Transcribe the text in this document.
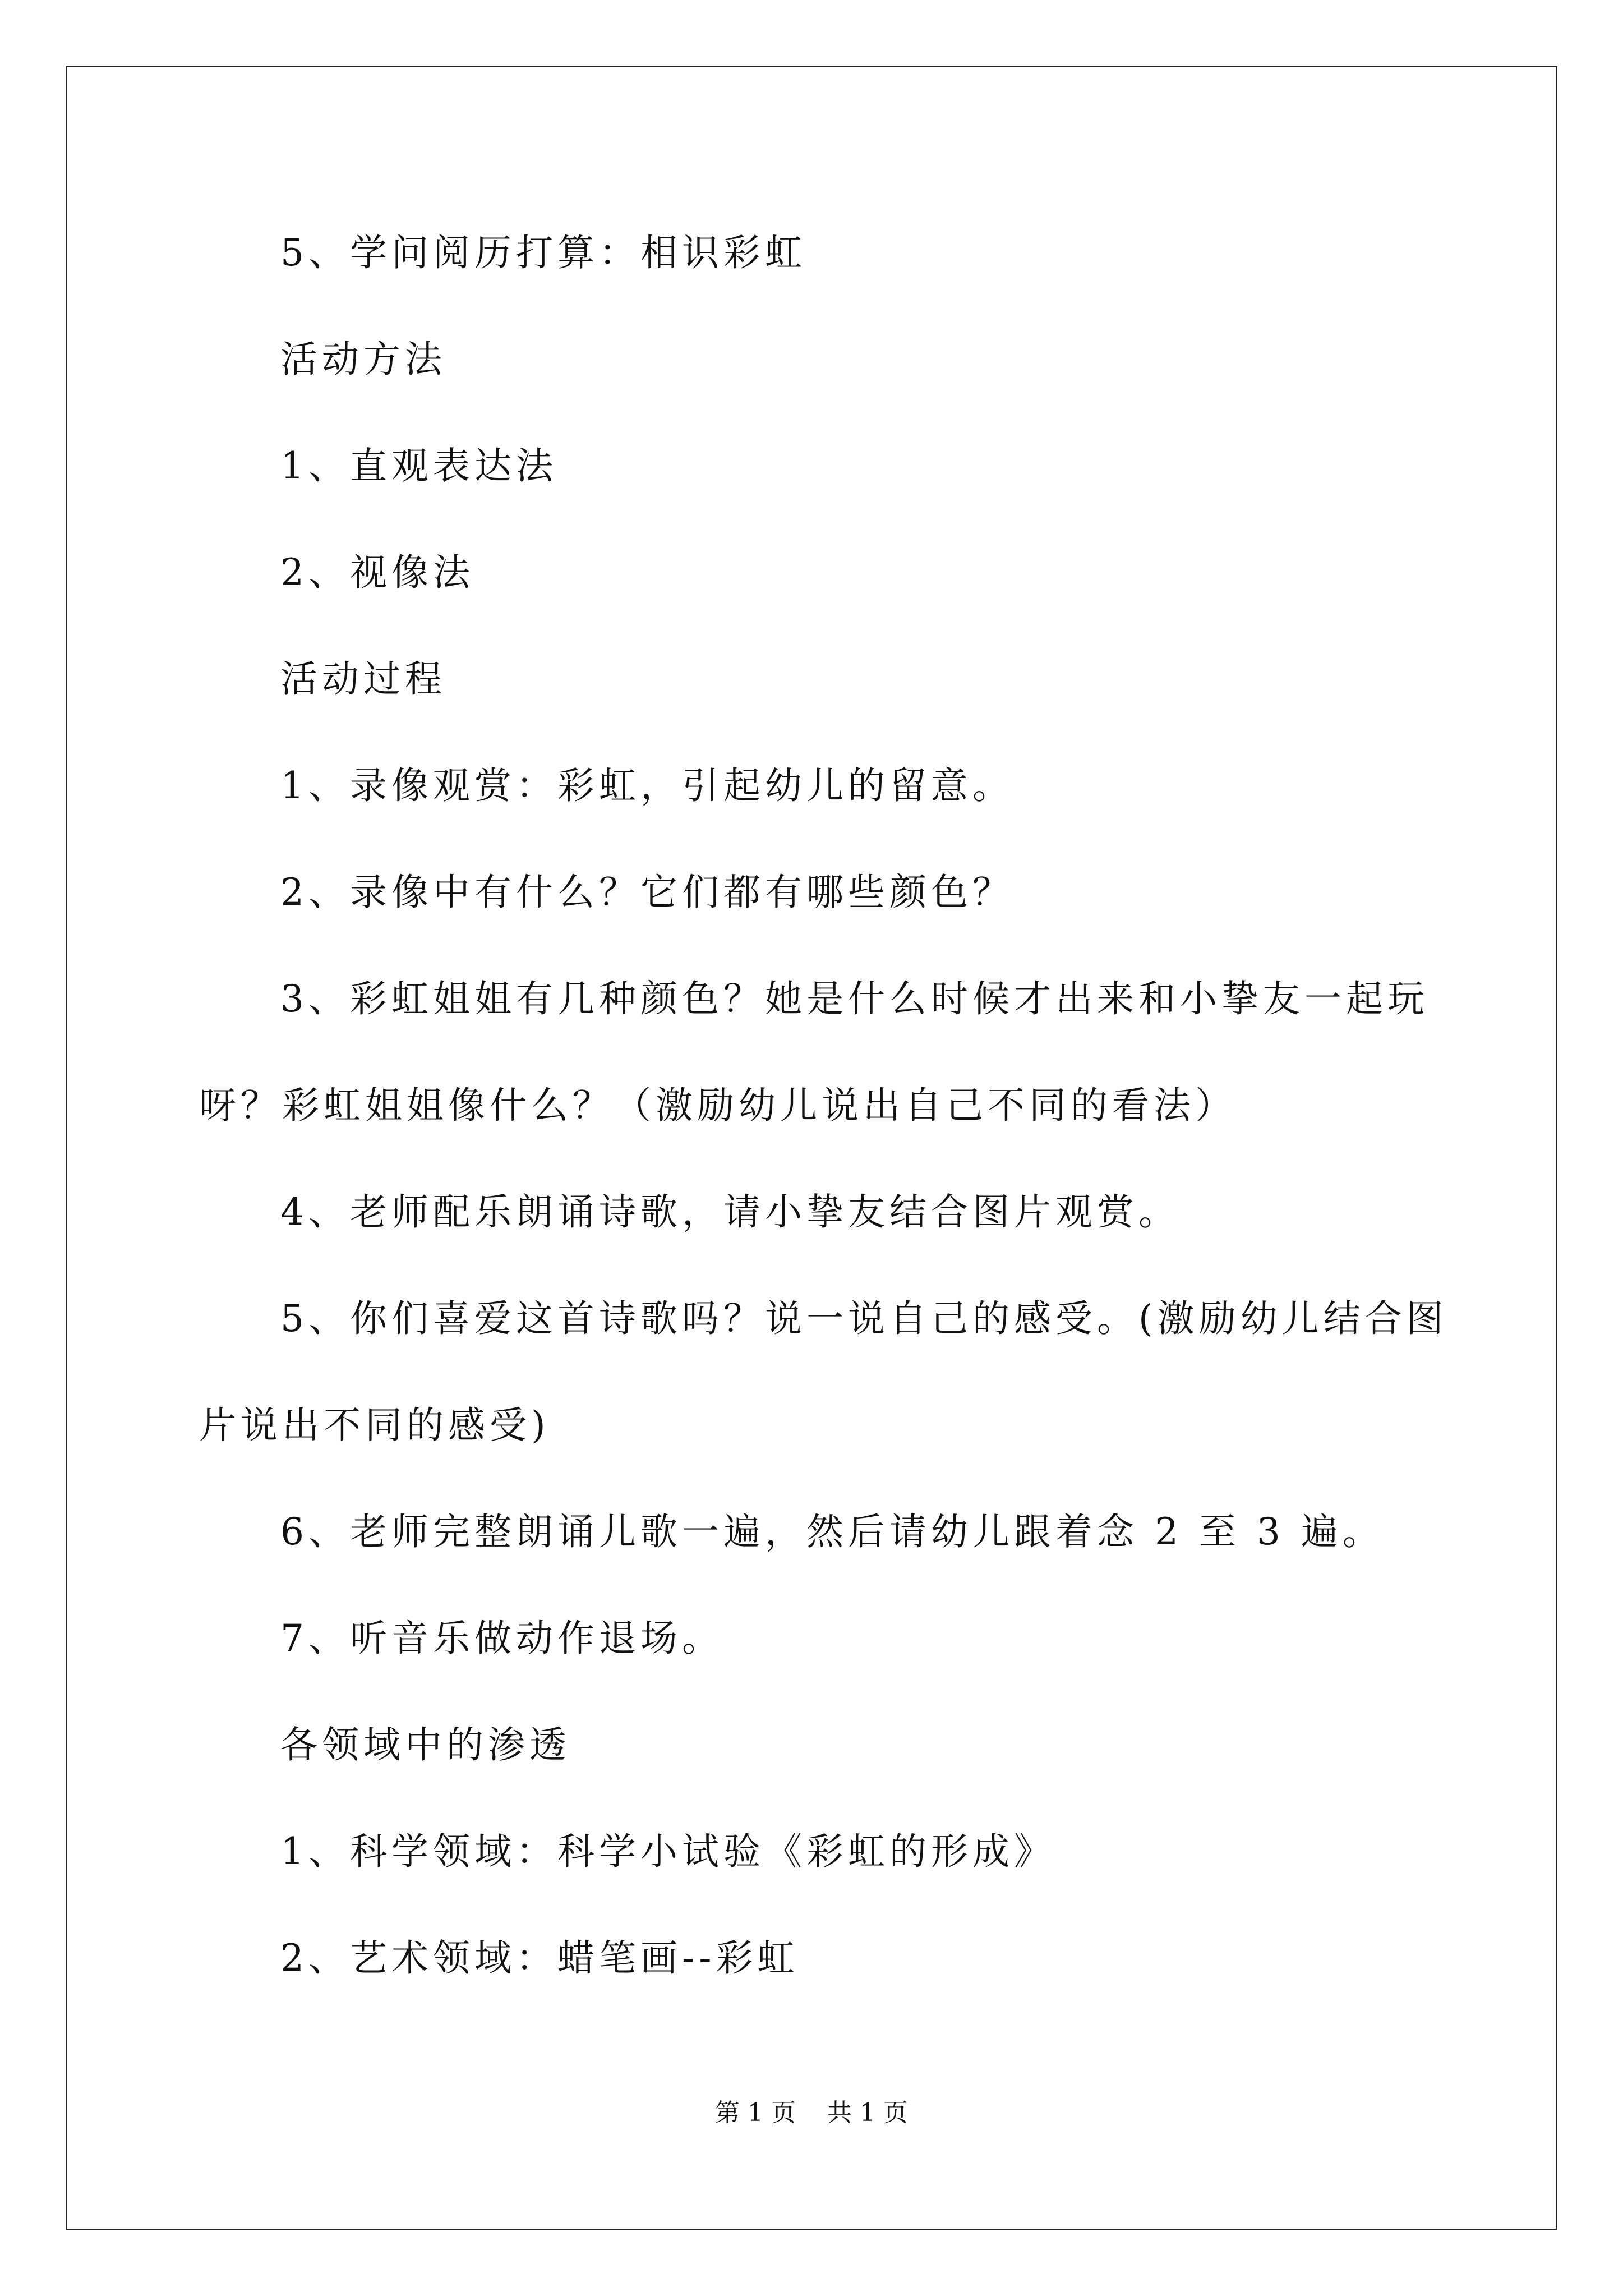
5、学问阅历打算：相识彩虹
活动方法
1、直观表达法
2、视像法
活动过程
1、录像观赏：彩虹，引起幼儿的留意。
2、录像中有什么？它们都有哪些颜色？
3、彩虹姐姐有几种颜色？她是什么时候才出来和小挚友一起玩
呀？彩虹姐姐像什么？（激励幼儿说出自己不同的看法）
4、老师配乐朗诵诗歌，请小挚友结合图片观赏。
5、你们喜爱这首诗歌吗？说一说自己的感受。(激励幼儿结合图
片说出不同的感受)
6、老师完整朗诵儿歌一遍，然后请幼儿跟着念 2 至 3 遍。
7、听音乐做动作退场。
各领域中的渗透
1、科学领域：科学小试验《彩虹的形成》
2、艺术领域：蜡笔画--彩虹
第 1 页    共 1 页
